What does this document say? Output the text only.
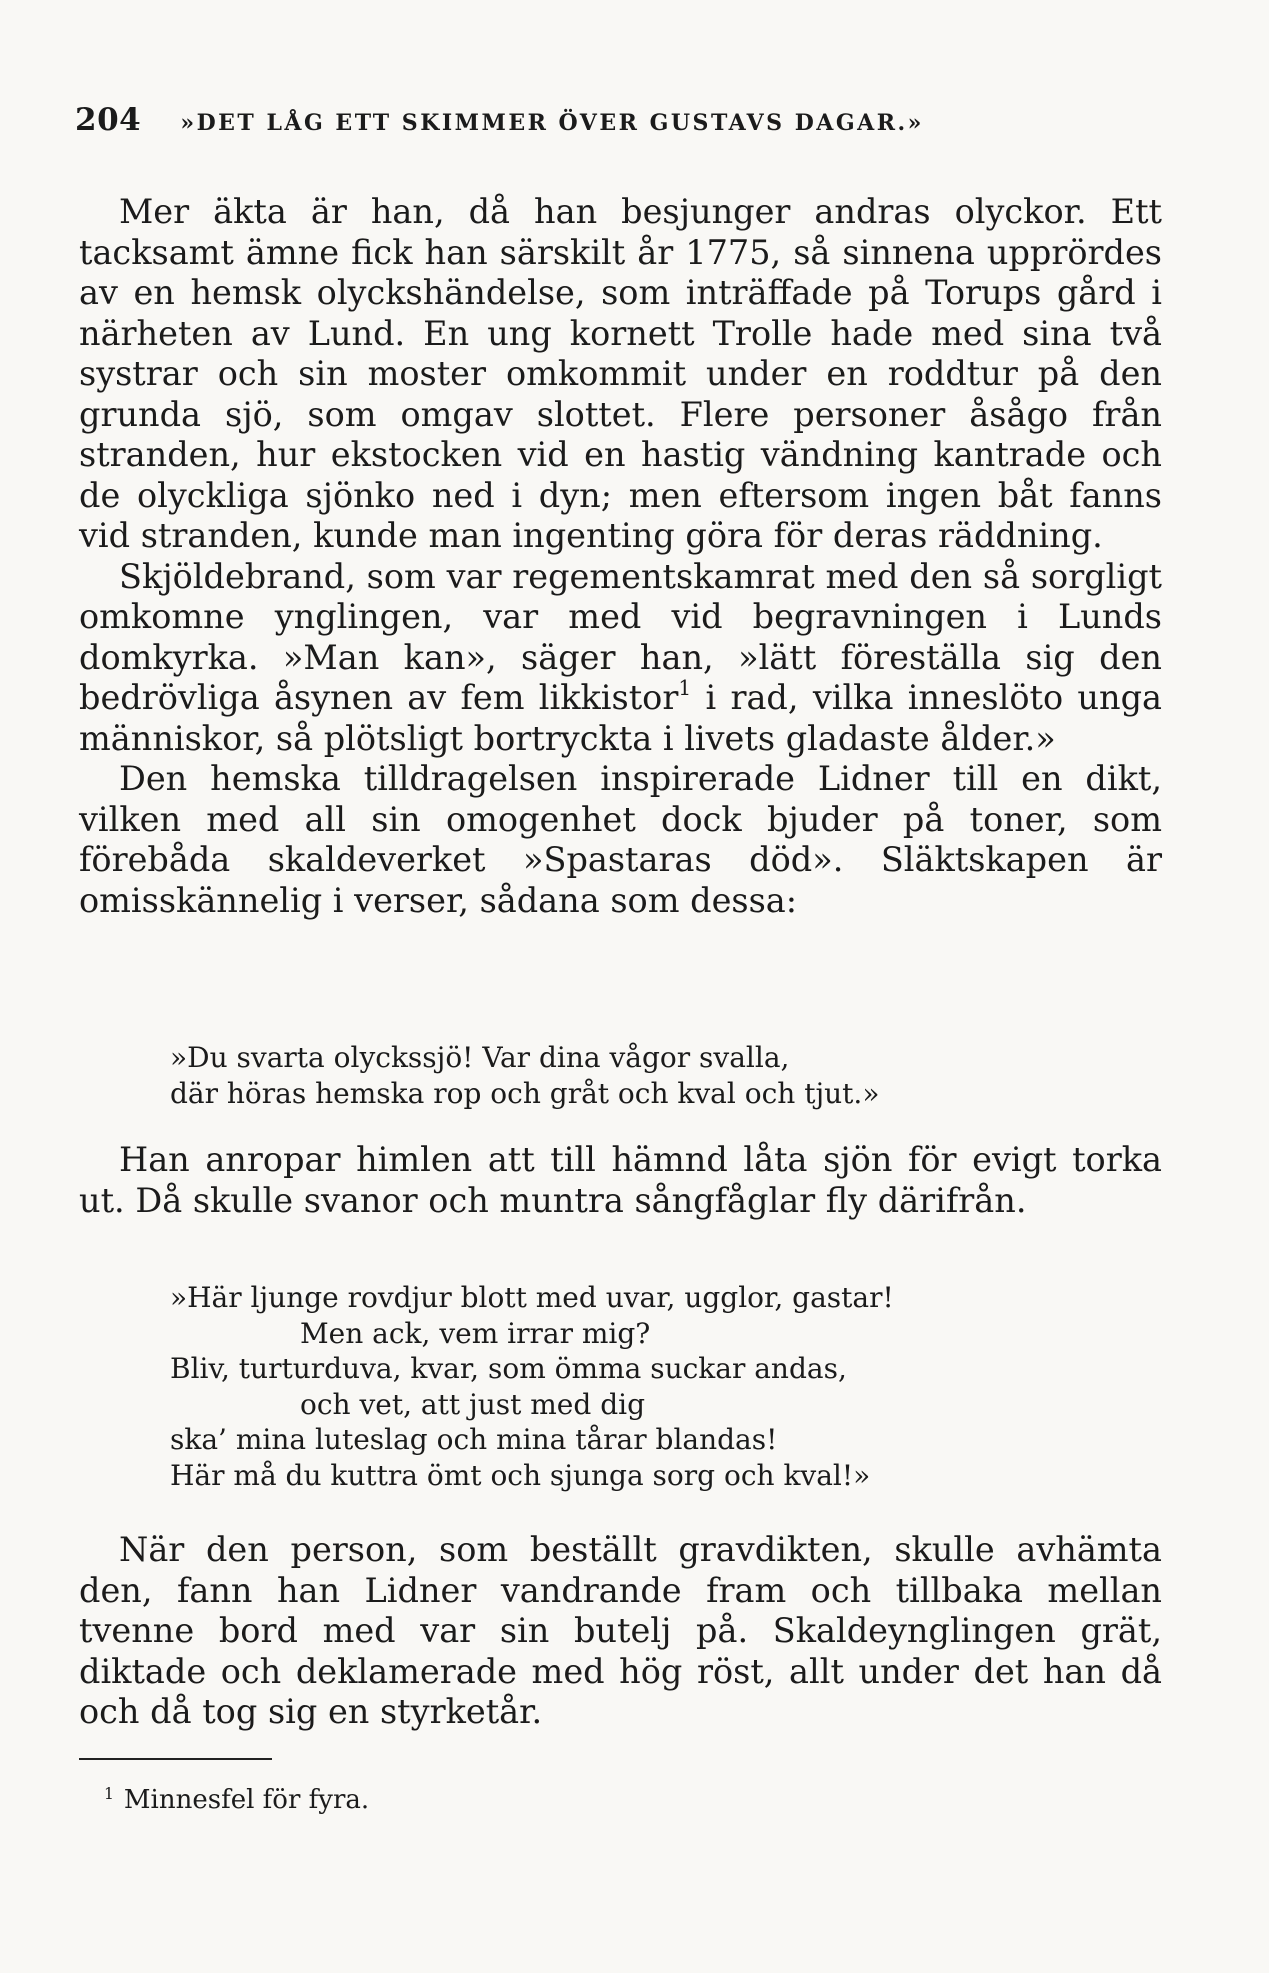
204 »DET LÅG ETT SKIMMER ÖVER GUSTAVS DAGAR.»

Mer äkta är han, då han besjunger andras olyckor. Ett tacksamt ämne fick han särskilt år 1775, så sinnena upprördes av en hemsk olyckshändelse, som inträffade på Torups gård i närheten av Lund. En ung kornett Trolle hade med sina två systrar och sin moster omkommit under en roddtur på den grunda sjö, som omgav slottet. Flere personer åsågo från stranden, hur ekstocken vid en hastig vändning kantrade och de olyckliga sjönko ned i dyn; men eftersom ingen båt fanns vid stranden, kunde man ingenting göra för deras räddning.

Skjöldebrand, som var regementskamrat med den så sorgligt omkomne ynglingen, var med vid begravningen i Lunds domkyrka. »Man kan», säger han, »lätt föreställa sig den bedrövliga åsynen av fem likkistor$^1$ i rad, vilka inneslöto unga människor, så plötsligt bortryckta i livets gladaste ålder.»

Den hemska tilldragelsen inspirerade Lidner till en dikt, vilken med all sin omogenhet dock bjuder på toner, som förebåda skaldeverket »Spastaras död». Släktskapen är omisskännelig i verser, sådana som dessa:

»Du svarta olyckssjö! Var dina vågor svalla,
där höras hemska rop och gråt och kval och tjut.»

Han anropar himlen att till hämnd låta sjön för evigt torka ut. Då skulle svanor och muntra sångfåglar fly därifrån.

»Här ljunge rovdjur blott med uvar, ugglor, gastar!
Men ack, vem irrar mig?
Bliv, turturduva, kvar, som ömma suckar andas,
och vet, att just med dig
ska’ mina luteslag och mina tårar blandas!
Här må du kuttra ömt och sjunga sorg och kval!»

När den person, som beställt gravdikten, skulle avhämta den, fann han Lidner vandrande fram och tillbaka mellan tvenne bord med var sin butelj på. Skaldeynglingen grät, diktade och deklamerade med hög röst, allt under det han då och då tog sig en styrketår.

$^1$ Minnesfel för fyra.
